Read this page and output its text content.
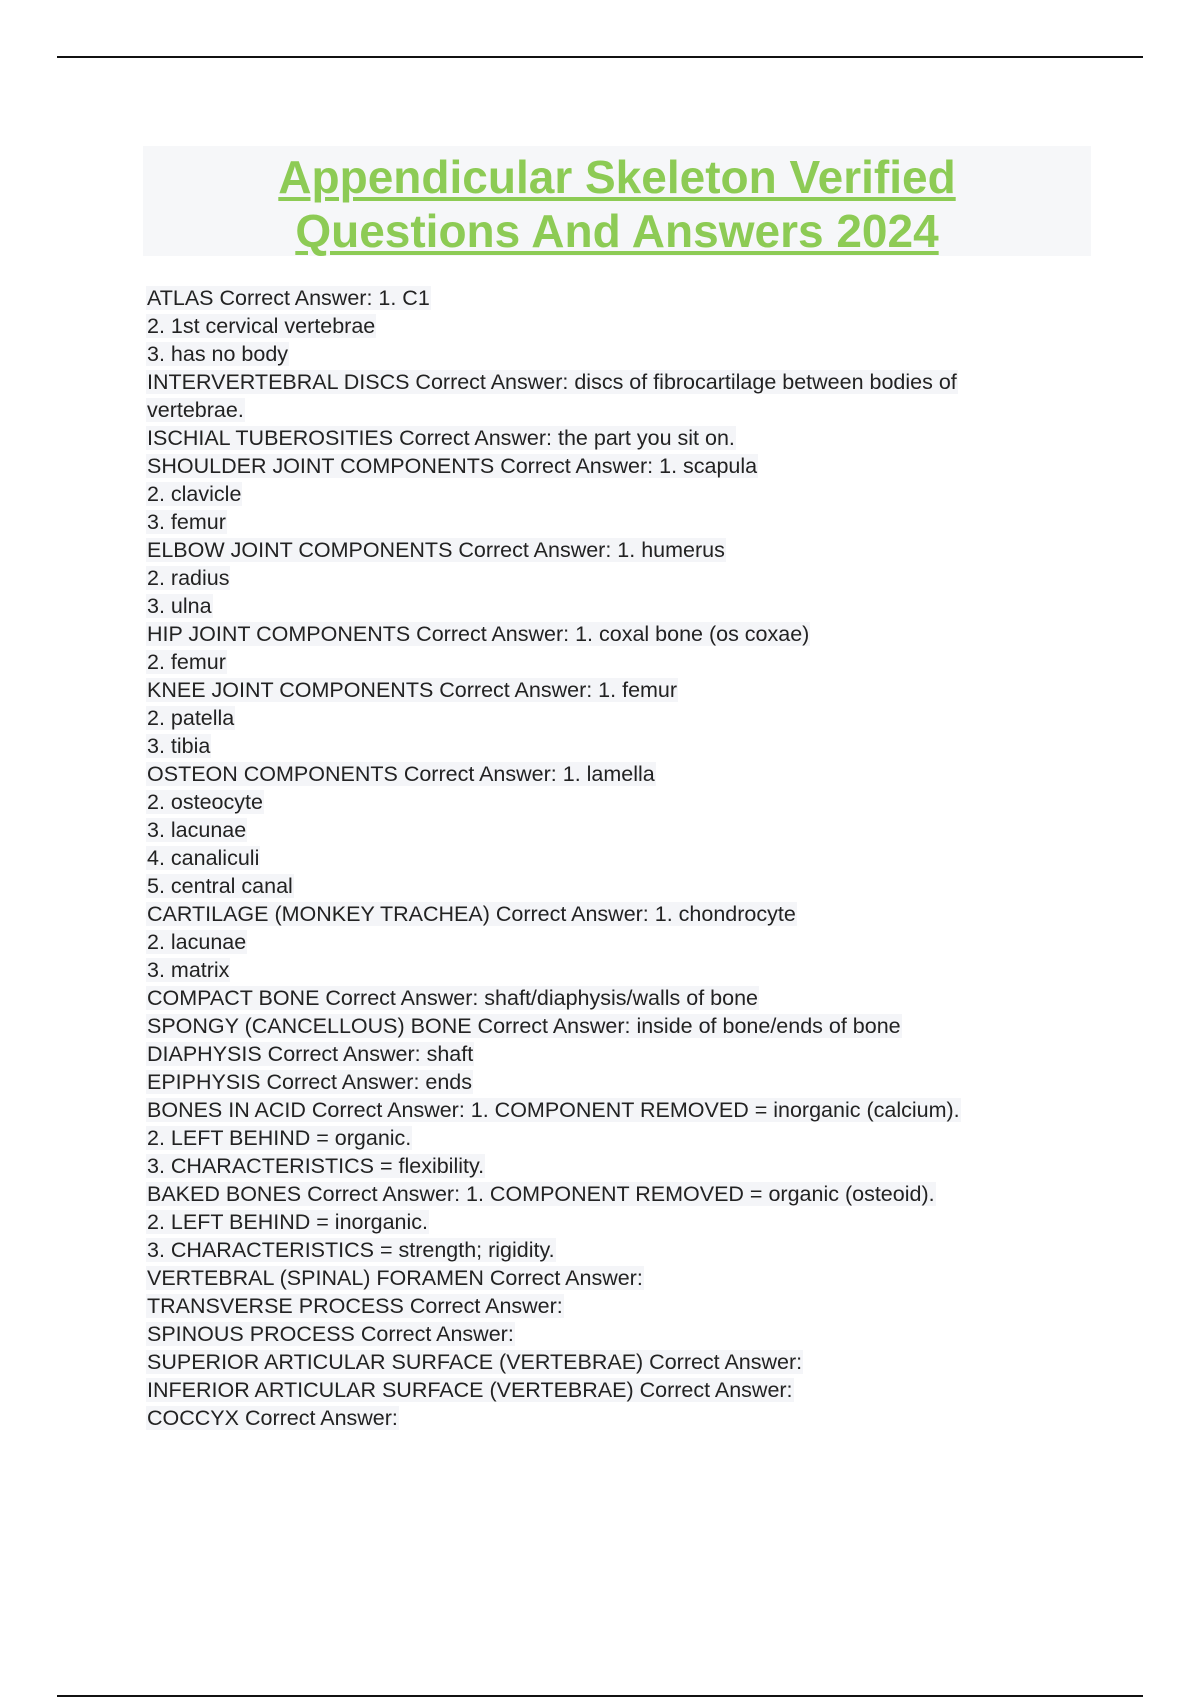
Appendicular Skeleton Verified
Questions And Answers 2024
ATLAS Correct Answer: 1. C1
2. 1st cervical vertebrae
3. has no body
INTERVERTEBRAL DISCS Correct Answer: discs of fibrocartilage between bodies of
vertebrae.
ISCHIAL TUBEROSITIES Correct Answer: the part you sit on.
SHOULDER JOINT COMPONENTS Correct Answer: 1. scapula
2. clavicle
3. femur
ELBOW JOINT COMPONENTS Correct Answer: 1. humerus
2. radius
3. ulna
HIP JOINT COMPONENTS Correct Answer: 1. coxal bone (os coxae)
2. femur
KNEE JOINT COMPONENTS Correct Answer: 1. femur
2. patella
3. tibia
OSTEON COMPONENTS Correct Answer: 1. lamella
2. osteocyte
3. lacunae
4. canaliculi
5. central canal
CARTILAGE (MONKEY TRACHEA) Correct Answer: 1. chondrocyte
2. lacunae
3. matrix
COMPACT BONE Correct Answer: shaft/diaphysis/walls of bone
SPONGY (CANCELLOUS) BONE Correct Answer: inside of bone/ends of bone
DIAPHYSIS Correct Answer: shaft
EPIPHYSIS Correct Answer: ends
BONES IN ACID Correct Answer: 1. COMPONENT REMOVED = inorganic (calcium).
2. LEFT BEHIND = organic.
3. CHARACTERISTICS = flexibility.
BAKED BONES Correct Answer: 1. COMPONENT REMOVED = organic (osteoid).
2. LEFT BEHIND = inorganic.
3. CHARACTERISTICS = strength; rigidity.
VERTEBRAL (SPINAL) FORAMEN Correct Answer:
TRANSVERSE PROCESS Correct Answer:
SPINOUS PROCESS Correct Answer:
SUPERIOR ARTICULAR SURFACE (VERTEBRAE) Correct Answer:
INFERIOR ARTICULAR SURFACE (VERTEBRAE) Correct Answer:
COCCYX Correct Answer:
